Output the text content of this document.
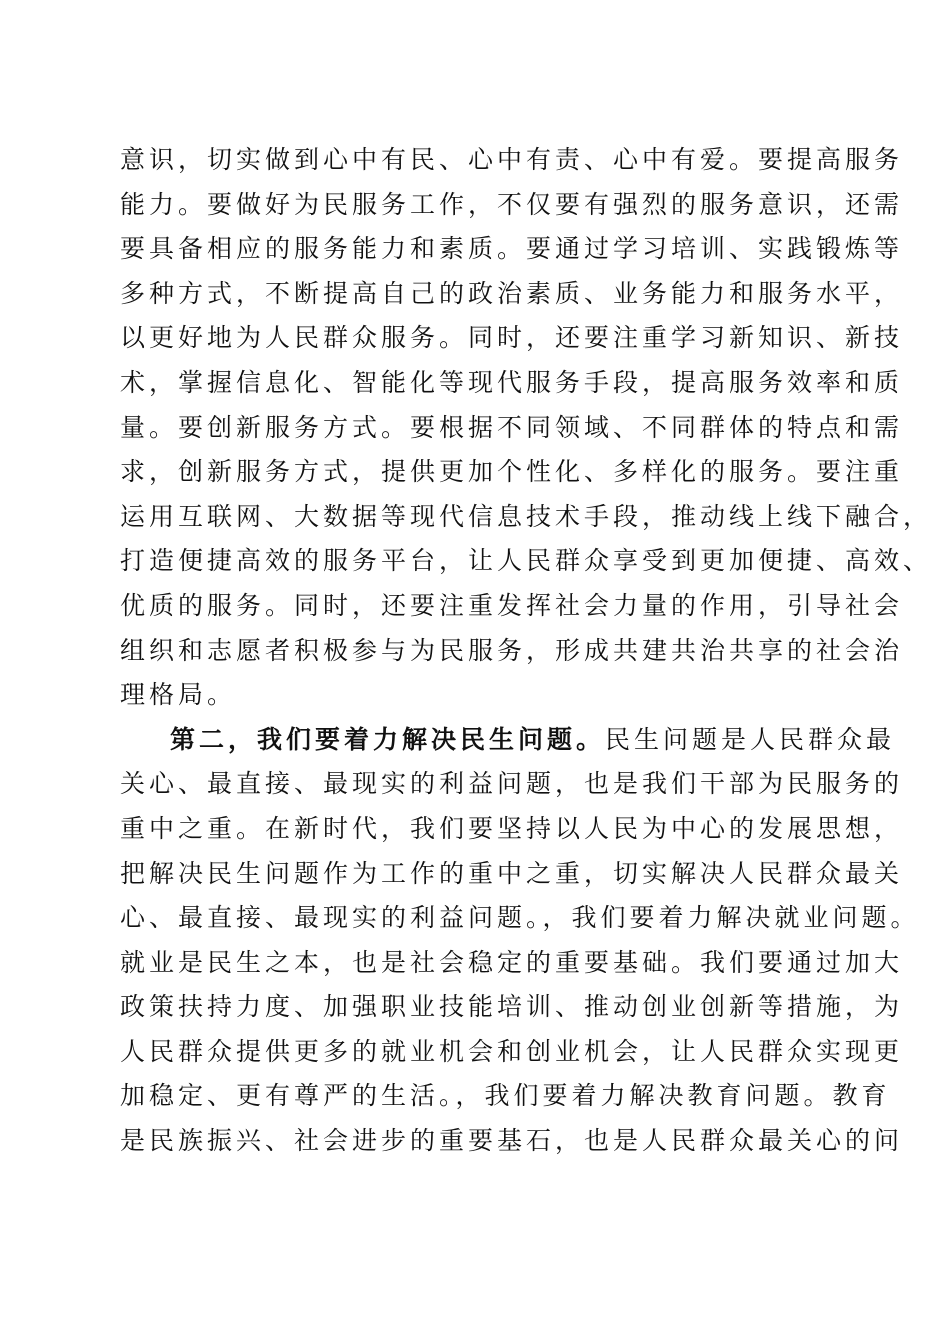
意识，切实做到心中有民、心中有责、心中有爱。要提高服务
能力。要做好为民服务工作，不仅要有强烈的服务意识，还需
要具备相应的服务能力和素质。要通过学习培训、实践锻炼等
多种方式，不断提高自己的政治素质、业务能力和服务水平，
以更好地为人民群众服务。同时，还要注重学习新知识、新技
术，掌握信息化、智能化等现代服务手段，提高服务效率和质
量。要创新服务方式。要根据不同领域、不同群体的特点和需
求，创新服务方式，提供更加个性化、多样化的服务。要注重
运用互联网、大数据等现代信息技术手段，推动线上线下融合，
打造便捷高效的服务平台，让人民群众享受到更加便捷、高效、
优质的服务。同时，还要注重发挥社会力量的作用，引导社会
组织和志愿者积极参与为民服务，形成共建共治共享的社会治
理格局。
第二，我们要着力解决民生问题。民生问题是人民群众最
关心、最直接、最现实的利益问题，也是我们干部为民服务的
重中之重。在新时代，我们要坚持以人民为中心的发展思想，
把解决民生问题作为工作的重中之重，切实解决人民群众最关
心、最直接、最现实的利益问题。，我们要着力解决就业问题。
就业是民生之本，也是社会稳定的重要基础。我们要通过加大
政策扶持力度、加强职业技能培训、推动创业创新等措施，为
人民群众提供更多的就业机会和创业机会，让人民群众实现更
加稳定、更有尊严的生活。，我们要着力解决教育问题。教育
是民族振兴、社会进步的重要基石，也是人民群众最关心的问
